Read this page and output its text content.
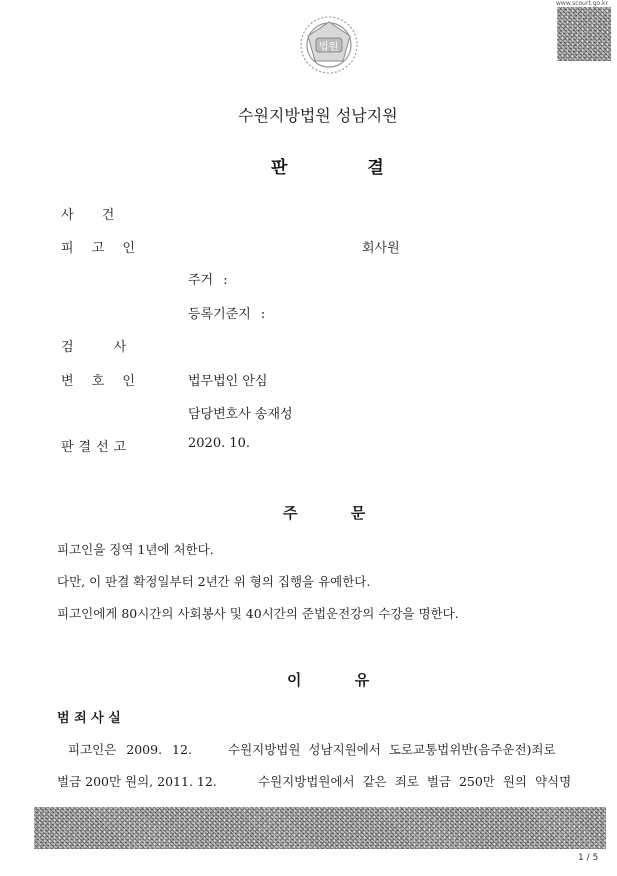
www.scourt.go.kr
법원
수원지방법원 성남지원
판 결
사 건
피 고 인	회사원
주거 :
등록기준지 :
검 사
변 호 인	법무법인 안심
담당변호사 송재성
판결선고	2020. 10.
주 문
피고인을 징역 1년에 처한다.
다만, 이 판결 확정일부터 2년간 위 형의 집행을 유예한다.
피고인에게 80시간의 사회봉사 및 40시간의 준법운전강의 수강을 명한다.
이 유
범 죄 사 실
피고인은 2009. 12.	수원지방법원 성남지원에서 도로교통법위반(음주운전)죄로
벌금 200만 원의, 2011. 12.	수원지방법원에서 같은 죄로 벌금 250만 원의 약식명
1 / 5
